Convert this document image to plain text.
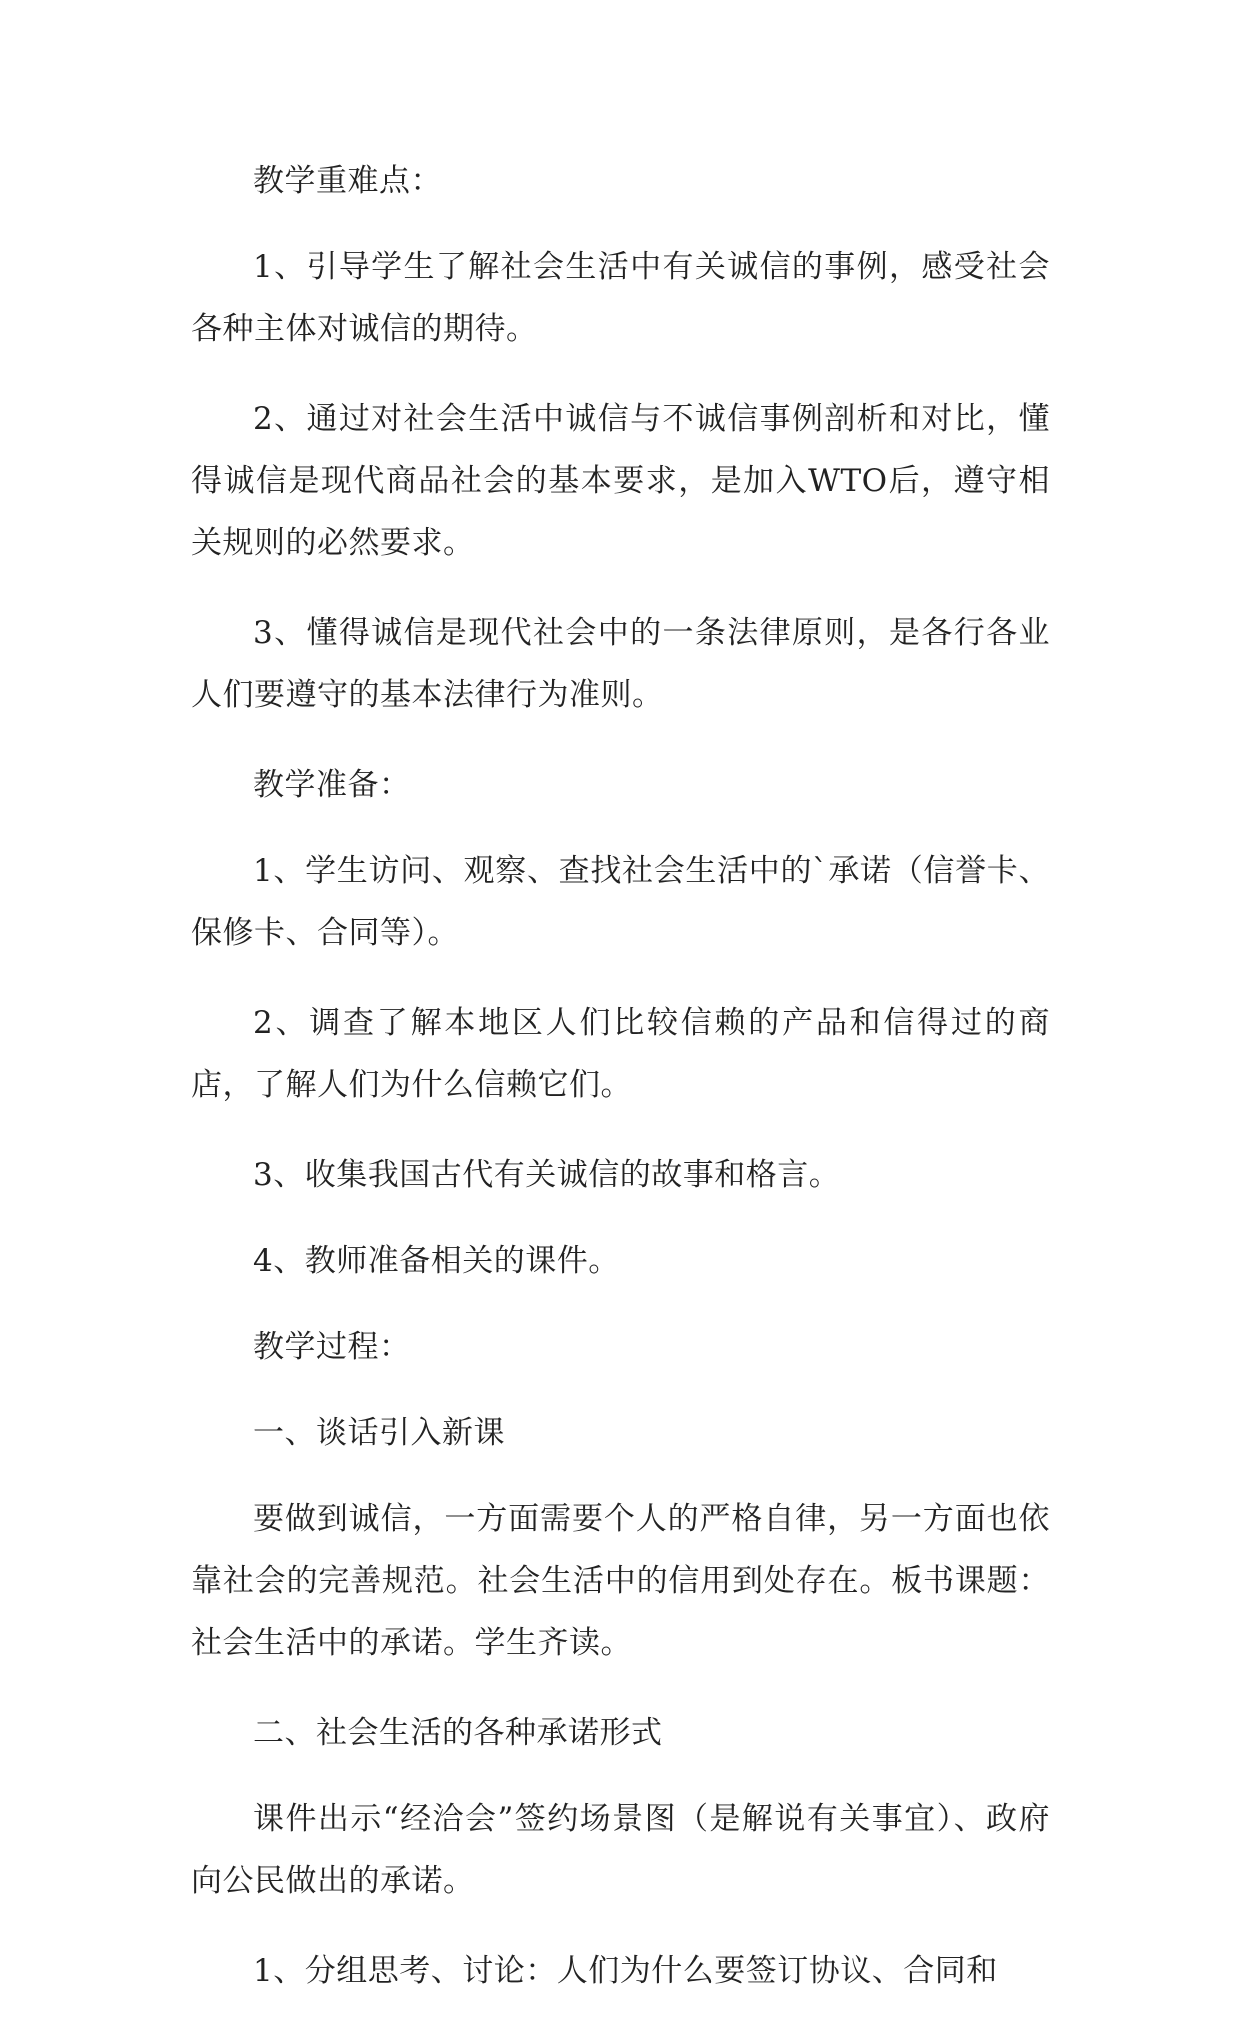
教学重难点：

1、引导学生了解社会生活中有关诚信的事例，感受社会各种主体对诚信的期待。

2、通过对社会生活中诚信与不诚信事例剖析和对比，懂得诚信是现代商品社会的基本要求，是加入WTO后，遵守相关规则的必然要求。

3、懂得诚信是现代社会中的一条法律原则，是各行各业人们要遵守的基本法律行为准则。

教学准备：

1、学生访问、观察、查找社会生活中的`承诺（信誉卡、保修卡、合同等）。

2、调查了解本地区人们比较信赖的产品和信得过的商店，了解人们为什么信赖它们。

3、收集我国古代有关诚信的故事和格言。

4、教师准备相关的课件。

教学过程：

一、谈话引入新课

要做到诚信，一方面需要个人的严格自律，另一方面也依靠社会的完善规范。社会生活中的信用到处存在。板书课题：社会生活中的承诺。学生齐读。

二、社会生活的各种承诺形式

课件出示“经洽会”签约场景图（是解说有关事宜）、政府向公民做出的承诺。

1、分组思考、讨论：人们为什么要签订协议、合同和
